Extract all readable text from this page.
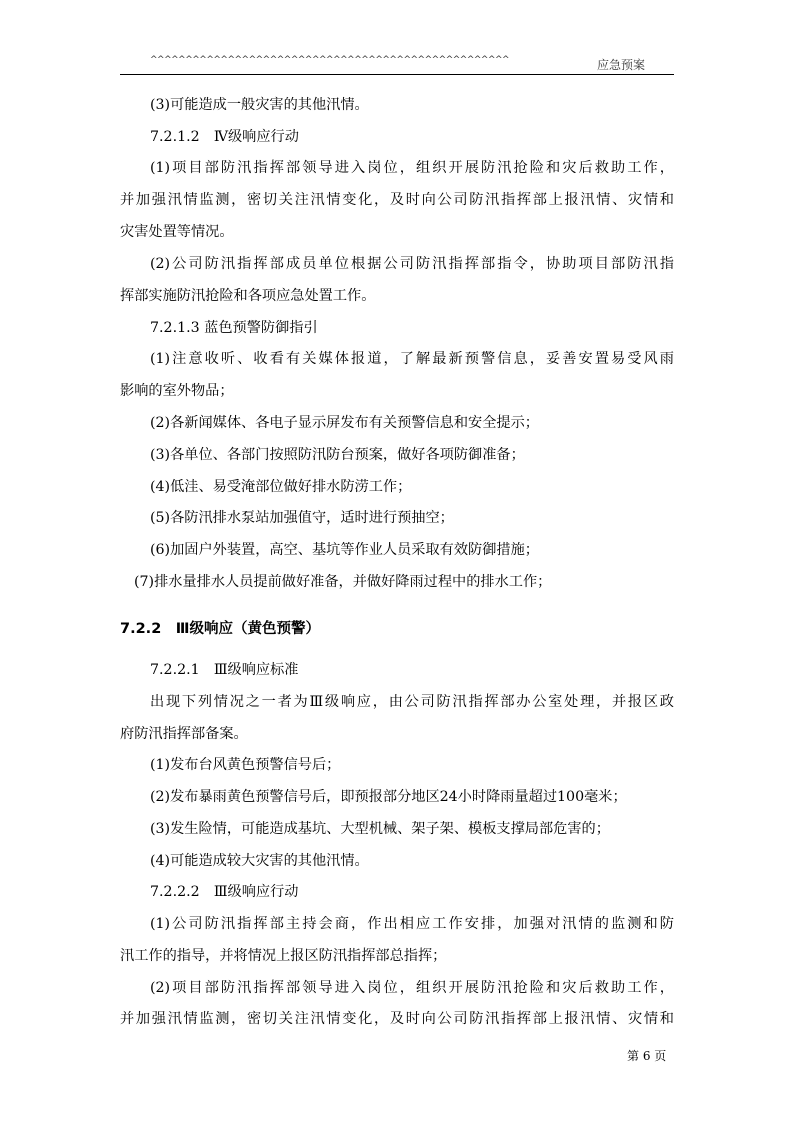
^^^^^^^^^^^^^^^^^^^^^^^^^^^^^^^^^^^^^^^^^^^^^^^^^^^	应急预案
(3)可能造成一般灾害的其他汛情。
7.2.1.2　Ⅳ级响应行动
(1)项目部防汛指挥部领导进入岗位，组织开展防汛抢险和灾后救助工作，
并加强汛情监测，密切关注汛情变化，及时向公司防汛指挥部上报汛情、灾情和
灾害处置等情况。
(2)公司防汛指挥部成员单位根据公司防汛指挥部指令，协助项目部防汛指
挥部实施防汛抢险和各项应急处置工作。
7.2.1.3 蓝色预警防御指引
(1)注意收听、收看有关媒体报道，了解最新预警信息，妥善安置易受风雨
影响的室外物品；
(2)各新闻媒体、各电子显示屏发布有关预警信息和安全提示；
(3)各单位、各部门按照防汛防台预案，做好各项防御准备；
(4)低洼、易受淹部位做好排水防涝工作；
(5)各防汛排水泵站加强值守，适时进行预抽空；
(6)加固户外装置，高空、基坑等作业人员采取有效防御措施；
(7)排水量排水人员提前做好准备，并做好降雨过程中的排水工作；
7.2.2　Ⅲ级响应（黄色预警）
7.2.2.1　Ⅲ级响应标准
出现下列情况之一者为Ⅲ级响应，由公司防汛指挥部办公室处理，并报区政
府防汛指挥部备案。
(1)发布台风黄色预警信号后；
(2)发布暴雨黄色预警信号后，即预报部分地区24小时降雨量超过100毫米；
(3)发生险情，可能造成基坑、大型机械、架子架、模板支撑局部危害的；
(4)可能造成较大灾害的其他汛情。
7.2.2.2　Ⅲ级响应行动
(1)公司防汛指挥部主持会商，作出相应工作安排，加强对汛情的监测和防
汛工作的指导，并将情况上报区防汛指挥部总指挥；
(2)项目部防汛指挥部领导进入岗位，组织开展防汛抢险和灾后救助工作，
并加强汛情监测，密切关注汛情变化，及时向公司防汛指挥部上报汛情、灾情和
第 6 页
